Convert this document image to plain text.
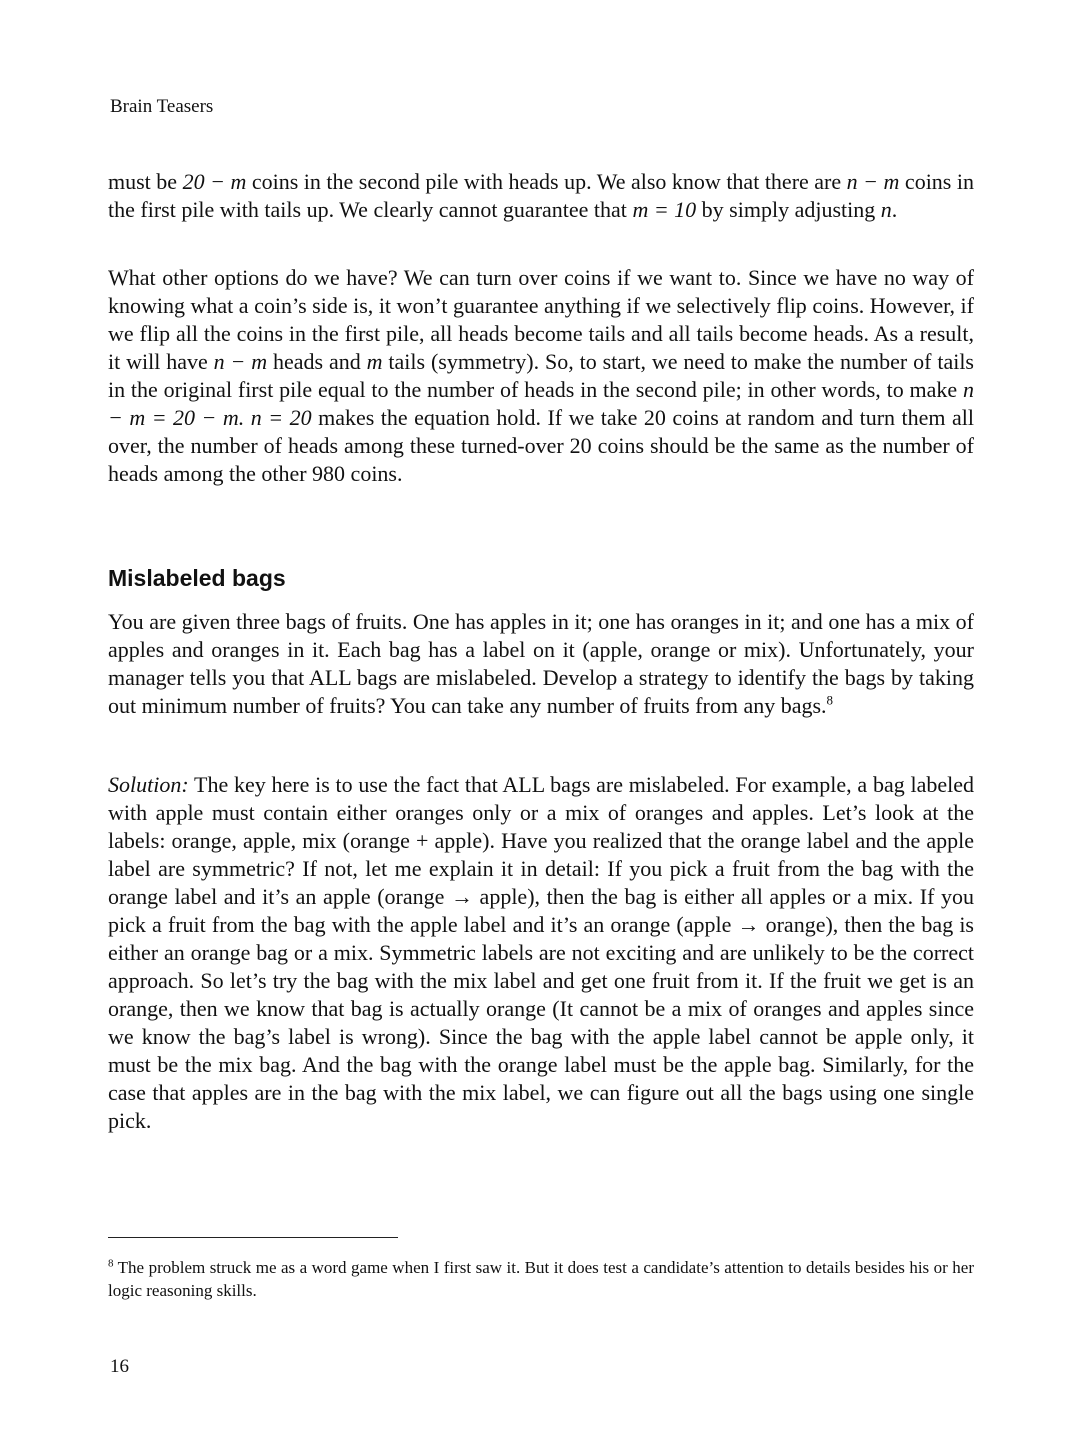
Brain Teasers

must be 20 − m coins in the second pile with heads up. We also know that there are n − m coins in the first pile with tails up. We clearly cannot guarantee that m = 10 by simply adjusting n.

What other options do we have? We can turn over coins if we want to. Since we have no way of knowing what a coin’s side is, it won’t guarantee anything if we selectively flip coins. However, if we flip all the coins in the first pile, all heads become tails and all tails become heads. As a result, it will have n − m heads and m tails (symmetry). So, to start, we need to make the number of tails in the original first pile equal to the number of heads in the second pile; in other words, to make n − m = 20 − m. n = 20 makes the equation hold. If we take 20 coins at random and turn them all over, the number of heads among these turned-over 20 coins should be the same as the number of heads among the other 980 coins.

Mislabeled bags

You are given three bags of fruits. One has apples in it; one has oranges in it; and one has a mix of apples and oranges in it. Each bag has a label on it (apple, orange or mix). Unfortunately, your manager tells you that ALL bags are mislabeled. Develop a strategy to identify the bags by taking out minimum number of fruits? You can take any number of fruits from any bags.$^8$

Solution: The key here is to use the fact that ALL bags are mislabeled. For example, a bag labeled with apple must contain either oranges only or a mix of oranges and apples. Let’s look at the labels: orange, apple, mix (orange + apple). Have you realized that the orange label and the apple label are symmetric? If not, let me explain it in detail: If you pick a fruit from the bag with the orange label and it’s an apple (orange → apple), then the bag is either all apples or a mix. If you pick a fruit from the bag with the apple label and it’s an orange (apple → orange), then the bag is either an orange bag or a mix. Symmetric labels are not exciting and are unlikely to be the correct approach. So let’s try the bag with the mix label and get one fruit from it. If the fruit we get is an orange, then we know that bag is actually orange (It cannot be a mix of oranges and apples since we know the bag’s label is wrong). Since the bag with the apple label cannot be apple only, it must be the mix bag. And the bag with the orange label must be the apple bag. Similarly, for the case that apples are in the bag with the mix label, we can figure out all the bags using one single pick.

$^8$ The problem struck me as a word game when I first saw it. But it does test a candidate’s attention to details besides his or her logic reasoning skills.

16
